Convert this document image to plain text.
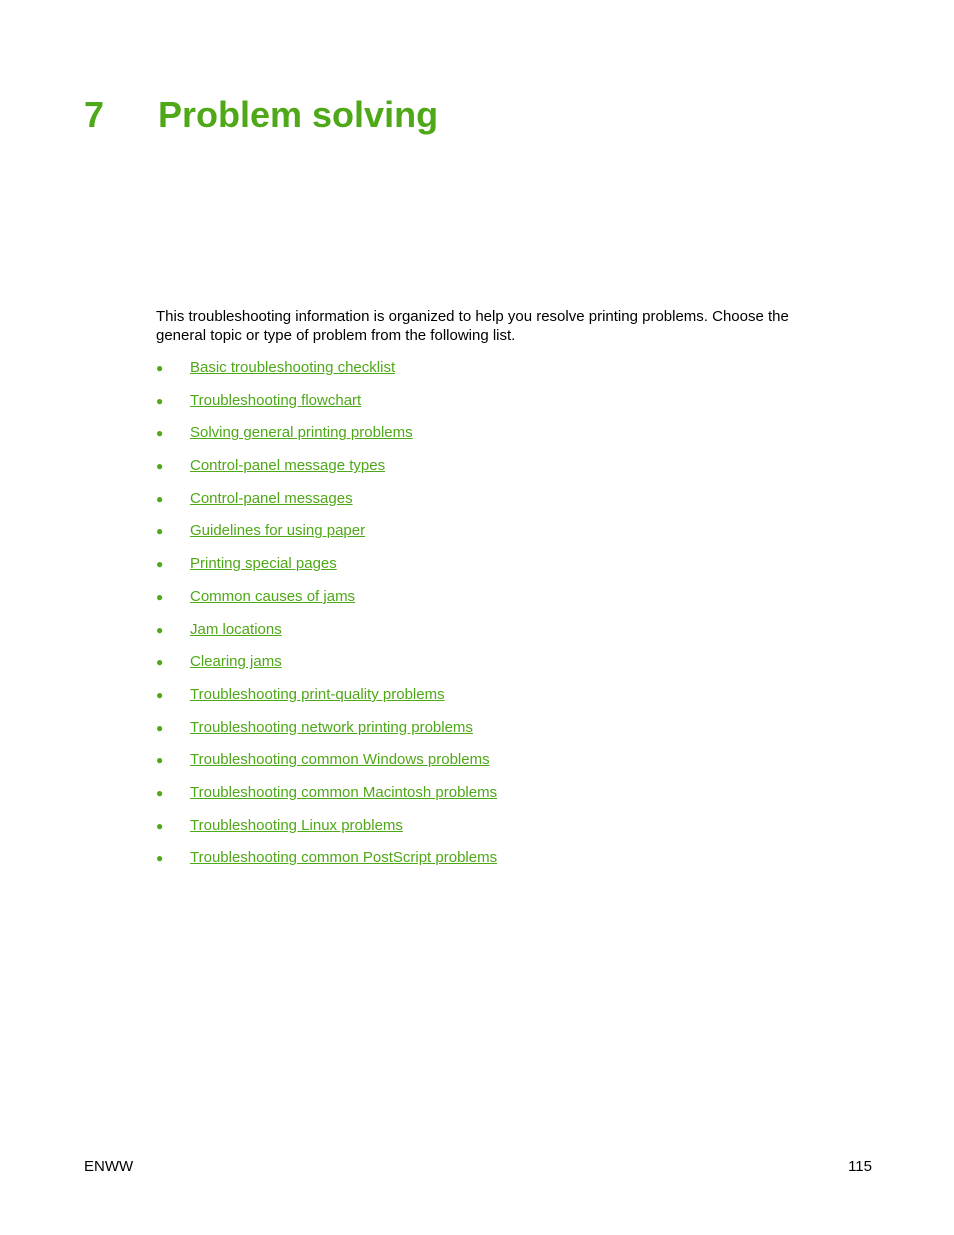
7 Problem solving

This troubleshooting information is organized to help you resolve printing problems. Choose the general topic or type of problem from the following list.

● Basic troubleshooting checklist
● Troubleshooting flowchart
● Solving general printing problems
● Control-panel message types
● Control-panel messages
● Guidelines for using paper
● Printing special pages
● Common causes of jams
● Jam locations
● Clearing jams
● Troubleshooting print-quality problems
● Troubleshooting network printing problems
● Troubleshooting common Windows problems
● Troubleshooting common Macintosh problems
● Troubleshooting Linux problems
● Troubleshooting common PostScript problems
ENWW	115
